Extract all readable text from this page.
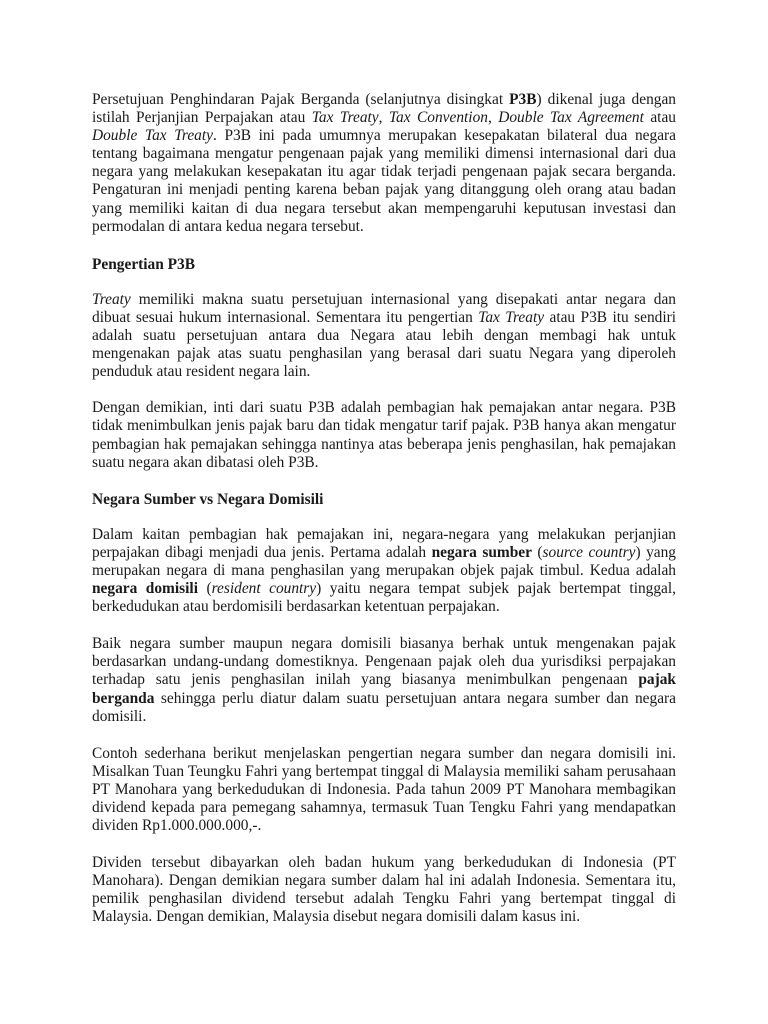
Persetujuan Penghindaran Pajak Berganda (selanjutnya disingkat P3B) dikenal juga dengan istilah Perjanjian Perpajakan atau Tax Treaty, Tax Convention, Double Tax Agreement atau Double Tax Treaty. P3B ini pada umumnya merupakan kesepakatan bilateral dua negara tentang bagaimana mengatur pengenaan pajak yang memiliki dimensi internasional dari dua negara yang melakukan kesepakatan itu agar tidak terjadi pengenaan pajak secara berganda. Pengaturan ini menjadi penting karena beban pajak yang ditanggung oleh orang atau badan yang memiliki kaitan di dua negara tersebut akan mempengaruhi keputusan investasi dan permodalan di antara kedua negara tersebut.

Pengertian P3B

Treaty memiliki makna suatu persetujuan internasional yang disepakati antar negara dan dibuat sesuai hukum internasional. Sementara itu pengertian Tax Treaty atau P3B itu sendiri adalah suatu persetujuan antara dua Negara atau lebih dengan membagi hak untuk mengenakan pajak atas suatu penghasilan yang berasal dari suatu Negara yang diperoleh penduduk atau resident negara lain.

Dengan demikian, inti dari suatu P3B adalah pembagian hak pemajakan antar negara. P3B tidak menimbulkan jenis pajak baru dan tidak mengatur tarif pajak. P3B hanya akan mengatur pembagian hak pemajakan sehingga nantinya atas beberapa jenis penghasilan, hak pemajakan suatu negara akan dibatasi oleh P3B.

Negara Sumber vs Negara Domisili

Dalam kaitan pembagian hak pemajakan ini, negara-negara yang melakukan perjanjian perpajakan dibagi menjadi dua jenis. Pertama adalah negara sumber (source country) yang merupakan negara di mana penghasilan yang merupakan objek pajak timbul. Kedua adalah negara domisili (resident country) yaitu negara tempat subjek pajak bertempat tinggal, berkedudukan atau berdomisili berdasarkan ketentuan perpajakan.

Baik negara sumber maupun negara domisili biasanya berhak untuk mengenakan pajak berdasarkan undang-undang domestiknya. Pengenaan pajak oleh dua yurisdiksi perpajakan terhadap satu jenis penghasilan inilah yang biasanya menimbulkan pengenaan pajak berganda sehingga perlu diatur dalam suatu persetujuan antara negara sumber dan negara domisili.

Contoh sederhana berikut menjelaskan pengertian negara sumber dan negara domisili ini. Misalkan Tuan Teungku Fahri yang bertempat tinggal di Malaysia memiliki saham perusahaan PT Manohara yang berkedudukan di Indonesia. Pada tahun 2009 PT Manohara membagikan dividend kepada para pemegang sahamnya, termasuk Tuan Tengku Fahri yang mendapatkan dividen Rp1.000.000.000,-.

Dividen tersebut dibayarkan oleh badan hukum yang berkedudukan di Indonesia (PT Manohara). Dengan demikian negara sumber dalam hal ini adalah Indonesia. Sementara itu, pemilik penghasilan dividend tersebut adalah Tengku Fahri yang bertempat tinggal di Malaysia. Dengan demikian, Malaysia disebut negara domisili dalam kasus ini.
